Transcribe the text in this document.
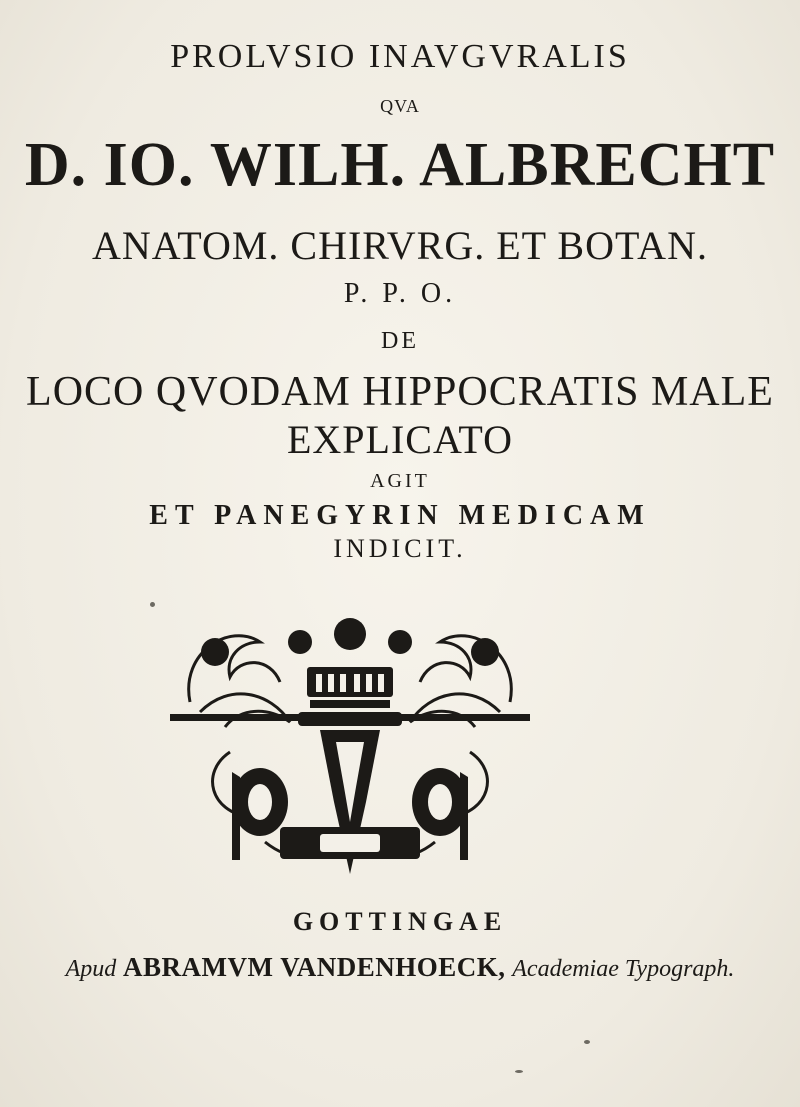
PROLVSIO INAVGVRALIS
QVA
D. IO. WILH. ALBRECHT
ANATOM. CHIRVRG. ET BOTAN.
P. P. O.
DE
LOCO QVODAM HIPPOCRATIS MALE
EXPLICATO
AGIT
ET PANEGYRIN MEDICAM
INDICIT.
GOTTINGAE
Apud ABRAMVM VANDENHOECK, Academiae Typograph.
